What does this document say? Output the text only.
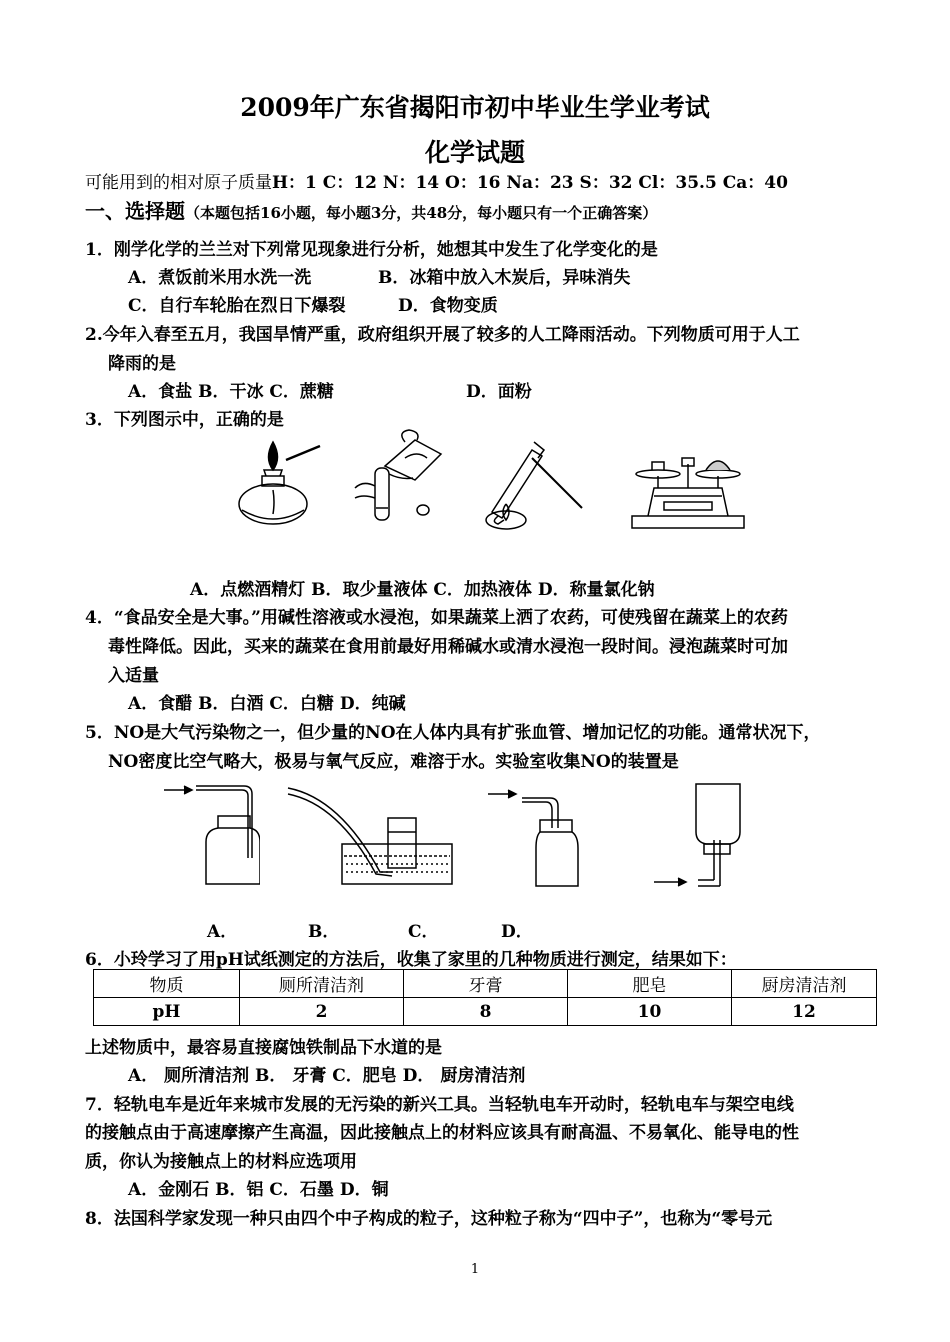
2009年广东省揭阳市初中毕业生学业考试
化学试题
可能用到的相对原子质量H：1 C：12 N：14 O：16 Na：23 S：32 Cl：35.5 Ca：40
一、选择题（本题包括16小题，每小题3分，共48分，每小题只有一个正确答案）
1．刚学化学的兰兰对下列常见现象进行分析，她想其中发生了化学变化的是
A．煮饭前米用水洗一洗	B．冰箱中放入木炭后，异味消失
C．自行车轮胎在烈日下爆裂	D．食物变质
2.今年入春至五月，我国旱情严重，政府组织开展了较多的人工降雨活动。下列物质可用于人工
降雨的是
A．食盐 B．干冰 C．蔗糖	D．面粉
3．下列图示中，正确的是
A．点燃酒精灯 B．取少量液体 C．加热液体 D．称量氯化钠
4．“食品安全是大事。”用碱性溶液或水浸泡，如果蔬菜上洒了农药，可使残留在蔬菜上的农药
毒性降低。因此，买来的蔬菜在食用前最好用稀碱水或清水浸泡一段时间。浸泡蔬菜时可加
入适量
A．食醋 B．白酒 C．白糖 D．纯碱
5．NO是大气污染物之一，但少量的NO在人体内具有扩张血管、增加记忆的功能。通常状况下，
NO密度比空气略大，极易与氧气反应，难溶于水。实验室收集NO的装置是
A．	B．	C．	D．
6．小玲学习了用pH试纸测定的方法后，收集了家里的几种物质进行测定，结果如下：
物质	厕所清洁剂	牙膏	肥皂	厨房清洁剂
pH	2	8	10	12
上述物质中，最容易直接腐蚀铁制品下水道的是
A． 厕所清洁剂 B． 牙膏 C．肥皂 D． 厨房清洁剂
7．轻轨电车是近年来城市发展的无污染的新兴工具。当轻轨电车开动时，轻轨电车与架空电线
的接触点由于高速摩擦产生高温，因此接触点上的材料应该具有耐高温、不易氧化、能导电的性
质，你认为接触点上的材料应选项用
A．金刚石 B．铝 C．石墨 D．铜
8．法国科学家发现一种只由四个中子构成的粒子，这种粒子称为“四中子”，也称为“零号元
1
